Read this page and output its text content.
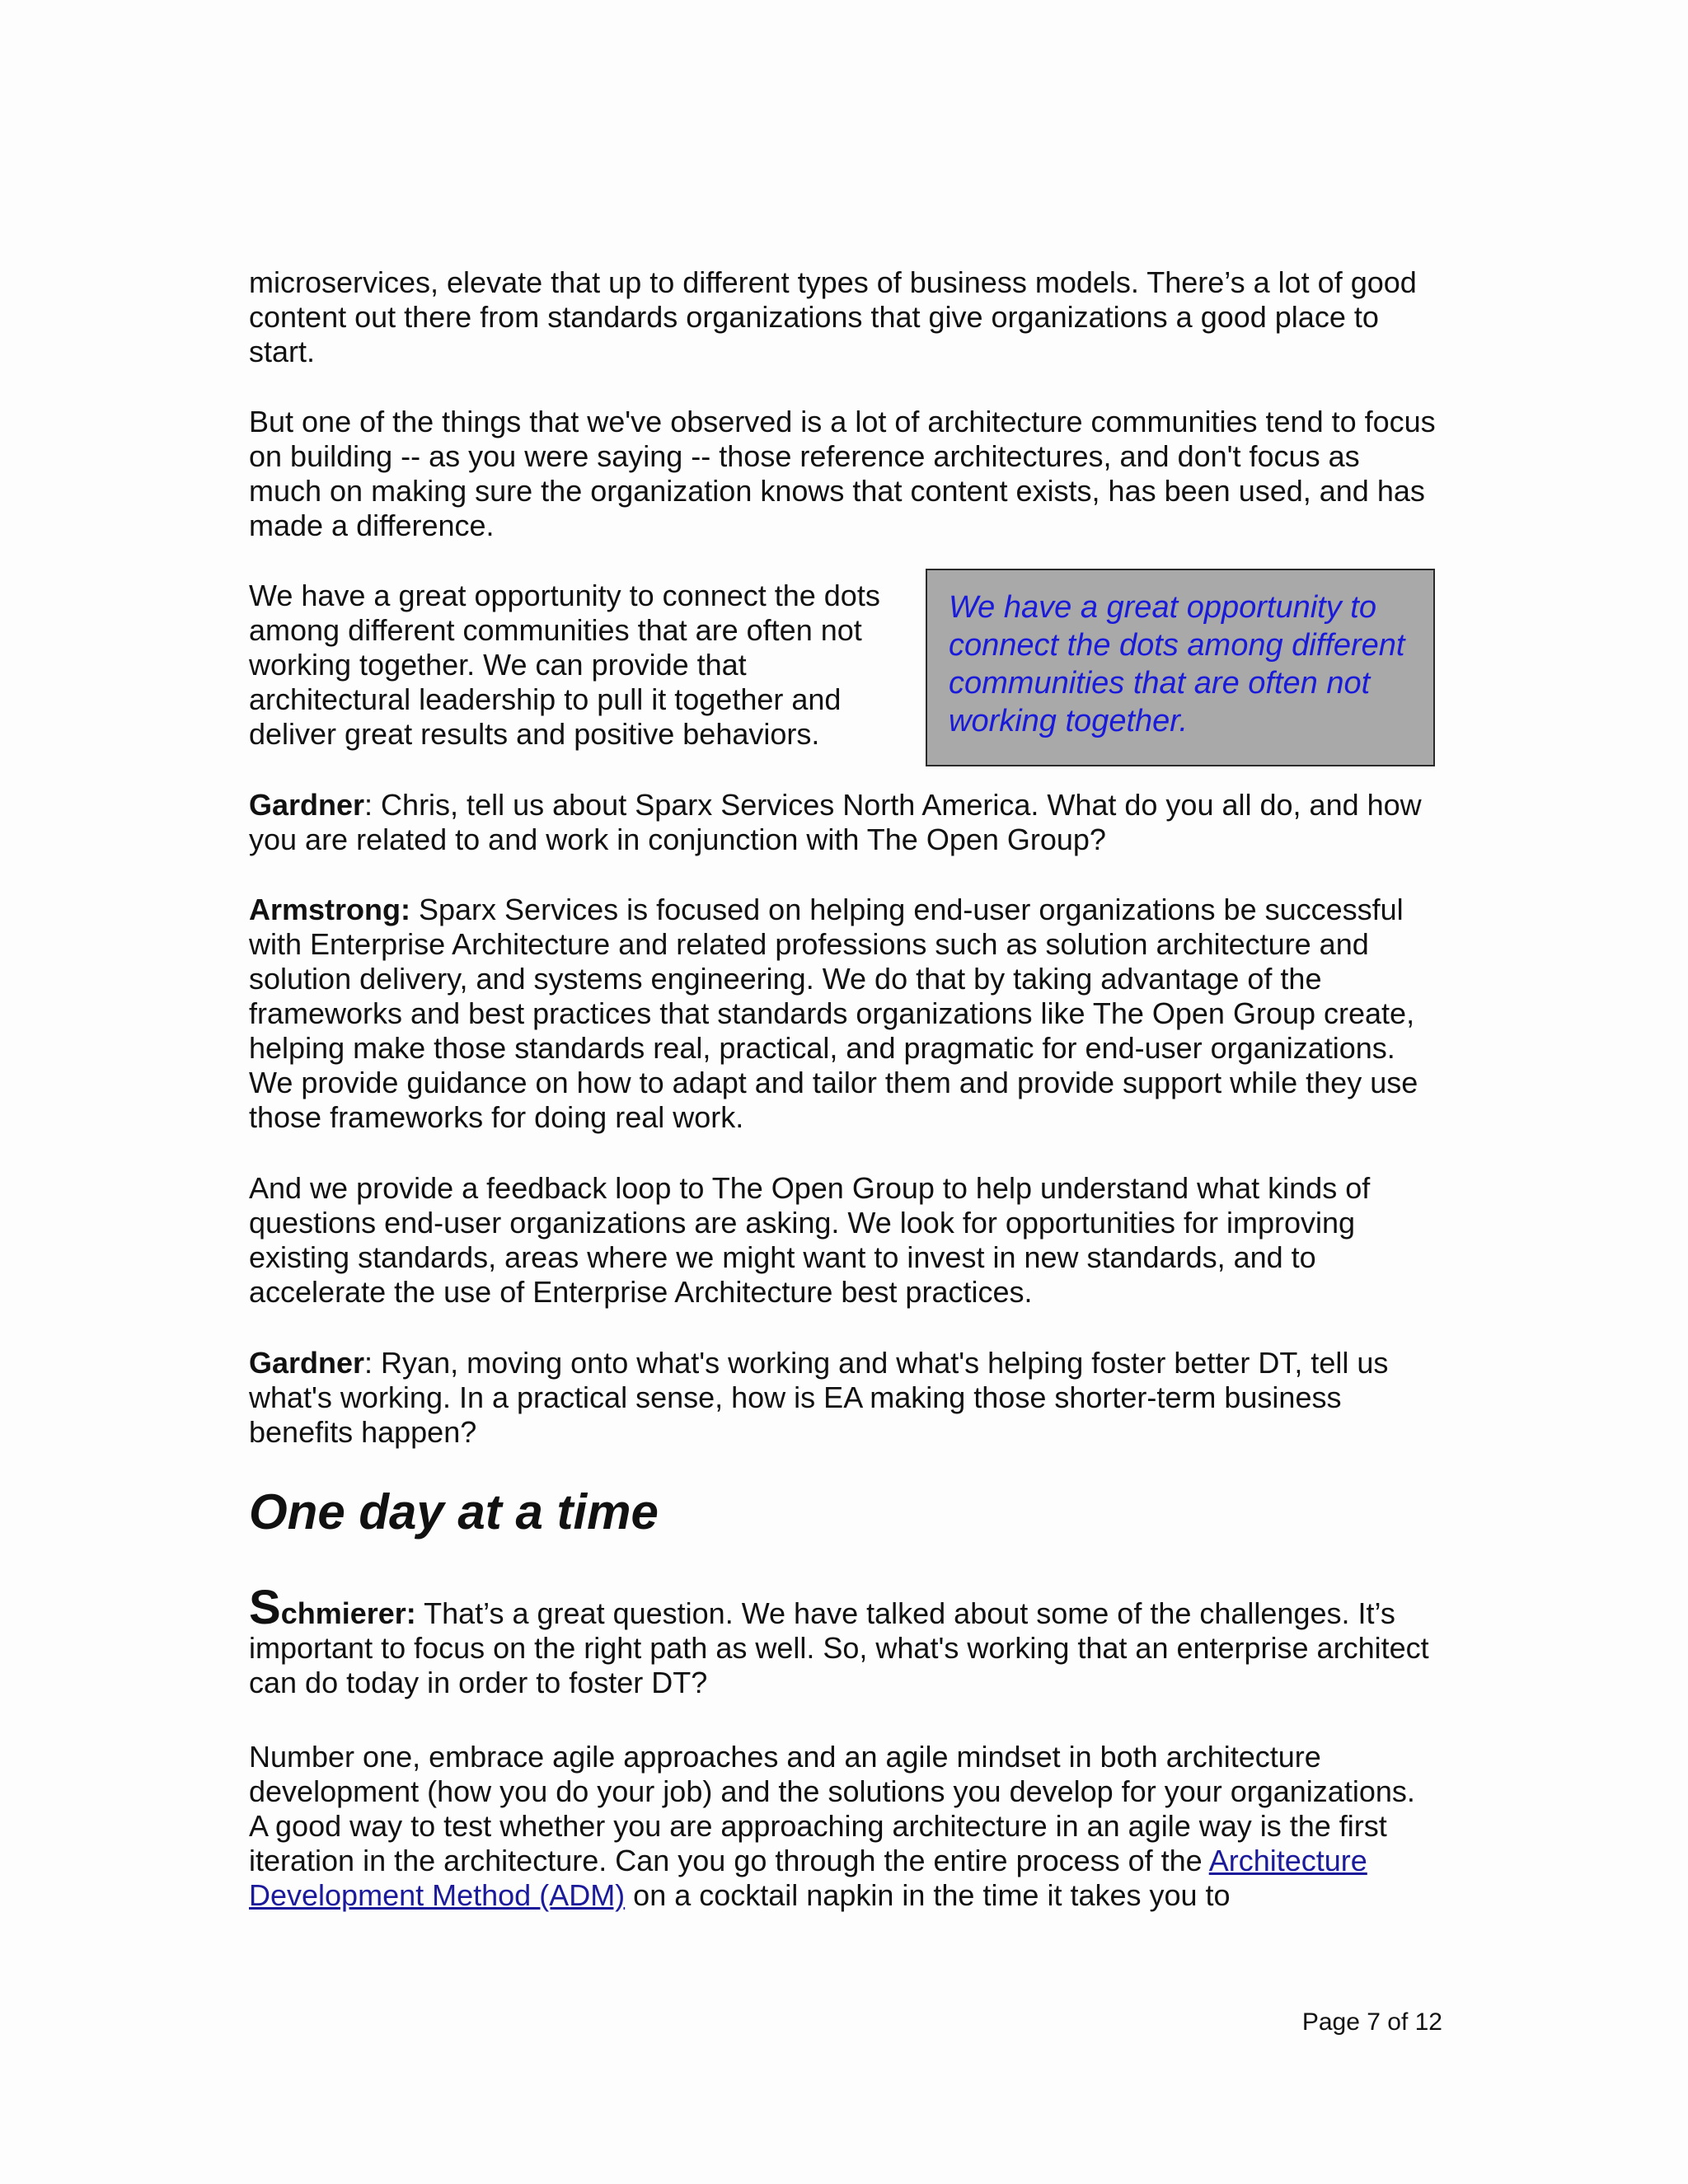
microservices, elevate that up to different types of business models. There’s a lot of good content out there from standards organizations that give organizations a good place to start.

But one of the things that we've observed is a lot of architecture communities tend to focus on building -- as you were saying -- those reference architectures, and don't focus as much on making sure the organization knows that content exists, has been used, and has made a difference.

We have a great opportunity to connect the dots among different communities that are often not working together. We can provide that architectural leadership to pull it together and deliver great results and positive behaviors.

We have a great opportunity to connect the dots among different communities that are often not working together.

Gardner: Chris, tell us about Sparx Services North America. What do you all do, and how you are related to and work in conjunction with The Open Group?

Armstrong: Sparx Services is focused on helping end-user organizations be successful with Enterprise Architecture and related professions such as solution architecture and solution delivery, and systems engineering. We do that by taking advantage of the frameworks and best practices that standards organizations like The Open Group create, helping make those standards real, practical, and pragmatic for end-user organizations. We provide guidance on how to adapt and tailor them and provide support while they use those frameworks for doing real work.

And we provide a feedback loop to The Open Group to help understand what kinds of questions end-user organizations are asking. We look for opportunities for improving existing standards, areas where we might want to invest in new standards, and to accelerate the use of Enterprise Architecture best practices.

Gardner: Ryan, moving onto what's working and what's helping foster better DT, tell us what's working. In a practical sense, how is EA making those shorter-term business benefits happen?

One day at a time

Schmierer: That’s a great question. We have talked about some of the challenges. It’s important to focus on the right path as well. So, what's working that an enterprise architect can do today in order to foster DT?

Number one, embrace agile approaches and an agile mindset in both architecture development (how you do your job) and the solutions you develop for your organizations. A good way to test whether you are approaching architecture in an agile way is the first iteration in the architecture. Can you go through the entire process of the Architecture Development Method (ADM) on a cocktail napkin in the time it takes you to

Page 7 of 12
